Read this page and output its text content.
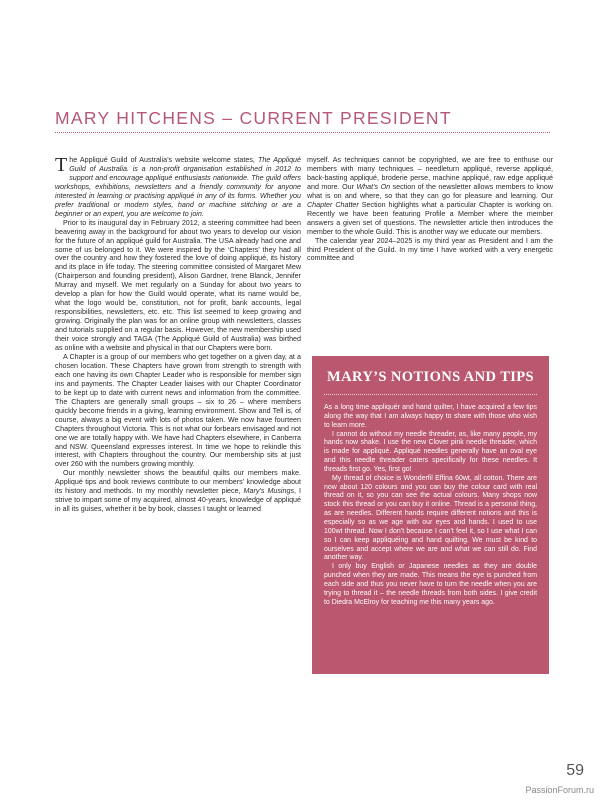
MARY HITCHENS – CURRENT PRESIDENT

The Appliqué Guild of Australia’s website welcome states, The Appliqué Guild of Australia. is a non-profit organisation established in 2012 to support and encourage appliqué enthusiasts nationwide. The guild offers workshops, exhibitions, newsletters and a friendly community for anyone interested in learning or practising appliqué in any of its forms. Whether you prefer traditional or modern styles, hand or machine stitching or are a beginner or an expert, you are welcome to join.

Prior to its inaugural day in February 2012, a steering committee had been beavering away in the background for about two years to develop our vision for the future of an appliqué guild for Australia. The USA already had one and some of us belonged to it. We were inspired by the ‘Chapters’ they had all over the country and how they fostered the love of doing appliqué, its history and its place in life today. The steering committee consisted of Margaret Mew (Chairperson and founding president), Alison Gardner, Irene Blanck, Jennifer Murray and myself. We met regularly on a Sunday for about two years to develop a plan for how the Guild would operate, what its name would be, what the logo would be, constitution, not for profit, bank accounts, legal responsibilities, newsletters, etc. etc. This list seemed to keep growing and growing. Originally the plan was for an online group with newsletters, classes and tutorials supplied on a regular basis. However, the new membership used their voice strongly and TAGA (The Appliqué Guild of Australia) was birthed as online with a website and physical in that our Chapters were born.

A Chapter is a group of our members who get together on a given day, at a chosen location. These Chapters have grown from strength to strength with each one having its own Chapter Leader who is responsible for member sign ins and payments. The Chapter Leader liaises with our Chapter Coordinator to be kept up to date with current news and information from the committee. The Chapters are generally small groups – six to 26 – where members quickly become friends in a giving, learning environment. Show and Tell is, of course, always a big event with lots of photos taken. We now have fourteen Chapters throughout Victoria. This is not what our forbears envisaged and not one we are totally happy with. We have had Chapters elsewhere, in Canberra and NSW. Queensland expresses interest. In time we hope to rekindle this interest, with Chapters throughout the country. Our membership sits at just over 260 with the numbers growing monthly.

Our monthly newsletter shows the beautiful quilts our members make. Appliqué tips and book reviews contribute to our members’ knowledge about its history and methods. In my monthly newsletter piece, Mary’s Musings, I strive to impart some of my acquired, almost 40-years, knowledge of appliqué in all its guises, whether it be by book, classes I taught or learned

myself. As techniques cannot be copyrighted, we are free to enthuse our members with many techniques – needleturn appliqué, reverse appliqué, back-basting appliqué, broderie perse, machine appliqué, raw edge appliqué and more. Our What’s On section of the newsletter allows members to know what is on and where, so that they can go for pleasure and learning. Our Chapter Chatter Section highlights what a particular Chapter is working on. Recently we have been featuring Profile a Member where the member answers a given set of questions. The newsletter article then introduces the member to the whole Guild. This is another way we educate our members.

The calendar year 2024–2025 is my third year as President and I am the third President of the Guild. In my time I have worked with a very energetic committee and

MARY’S NOTIONS AND TIPS

As a long time appliquér and hand quilter, I have acquired a few tips along the way that I am always happy to share with those who wish to learn more.

I cannot do without my needle threader, as, like many people, my hands now shake. I use the new Clover pink needle threader, which is made for appliqué. Appliqué needles generally have an oval eye and this needle threader caters specifically for these needles. It threads first go. Yes, first go!

My thread of choice is Wonderfil Effina 60wt, all cotton. There are now about 120 colours and you can buy the colour card with real thread on it, so you can see the actual colours. Many shops now stock this thread or you can buy it online. Thread is a personal thing, as are needles. Different hands require different notions and this is especially so as we age with our eyes and hands. I used to use 100wt thread. Now I don’t because I can’t feel it, so I use what I can so I can keep appliquéing and hand quilting. We must be kind to ourselves and accept where we are and what we can still do. Find another way.

I only buy English or Japanese needles as they are double punched when they are made. This means the eye is punched from each side and thus you never have to turn the needle when you are trying to thread it – the needle threads from both sides. I give credit to Diedra McElroy for teaching me this many years ago.

59
PassionForum.ru
